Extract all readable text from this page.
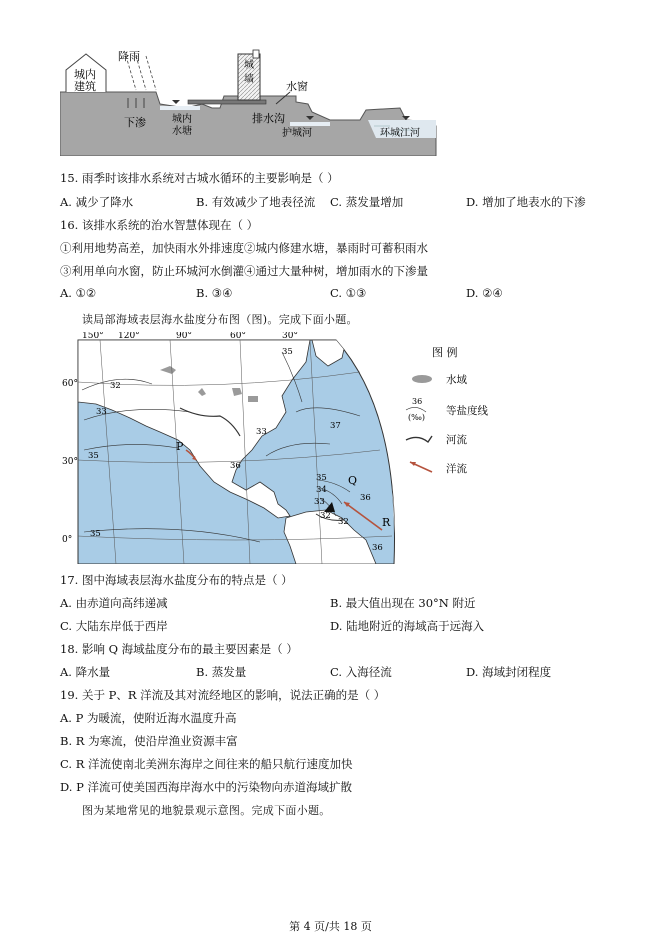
城内
建筑
降雨
下渗	城内
水塘
城
墙
排水沟
水窗
护城河	环城江河
15. 雨季时该排水系统对古城水循环的主要影响是（ ）
A. 减少了降水	B. 有效减少了地表径流 C. 蒸发量增加	D. 增加了地表水的下渗
16. 该排水系统的治水智慧体现在（ ）
①利用地势高差，加快雨水外排速度②城内修建水塘，暴雨时可蓄积雨水
③利用单向水窗，防止环城河水倒灌④通过大量种树，增加雨水的下渗量
A. ①②	B. ③④	C. ①③	D. ②④
读局部海域表层海水盐度分布图（图)。完成下面小题。
150° 120°	90°	60°	30°
60°
30°
0°
35
32
33
35
33
36
37
35
34
33
32
32
36
36
35
P
Q
R
图 例
水域
36
(‰)
等盐度线
河流
洋流
17. 图中海域表层海水盐度分布的特点是（ ）
A. 由赤道向高纬递减	B. 最大值出现在 30°N 附近
C. 大陆东岸低于西岸	D. 陆地附近的海域高于远海入
18. 影响 Q 海域盐度分布的最主要因素是（ ）
A. 降水量	B. 蒸发量	C. 入海径流	D. 海域封闭程度
19. 关于 P、R 洋流及其对流经地区的影响，说法正确的是（ ）
A. P 为暖流，使附近海水温度升高
B. R 为寒流，使沿岸渔业资源丰富
C. R 洋流使南北美洲东海岸之间往来的船只航行速度加快
D. P 洋流可使美国西海岸海水中的污染物向赤道海域扩散
图为某地常见的地貌景观示意图。完成下面小题。
第 4 页/共 18 页
